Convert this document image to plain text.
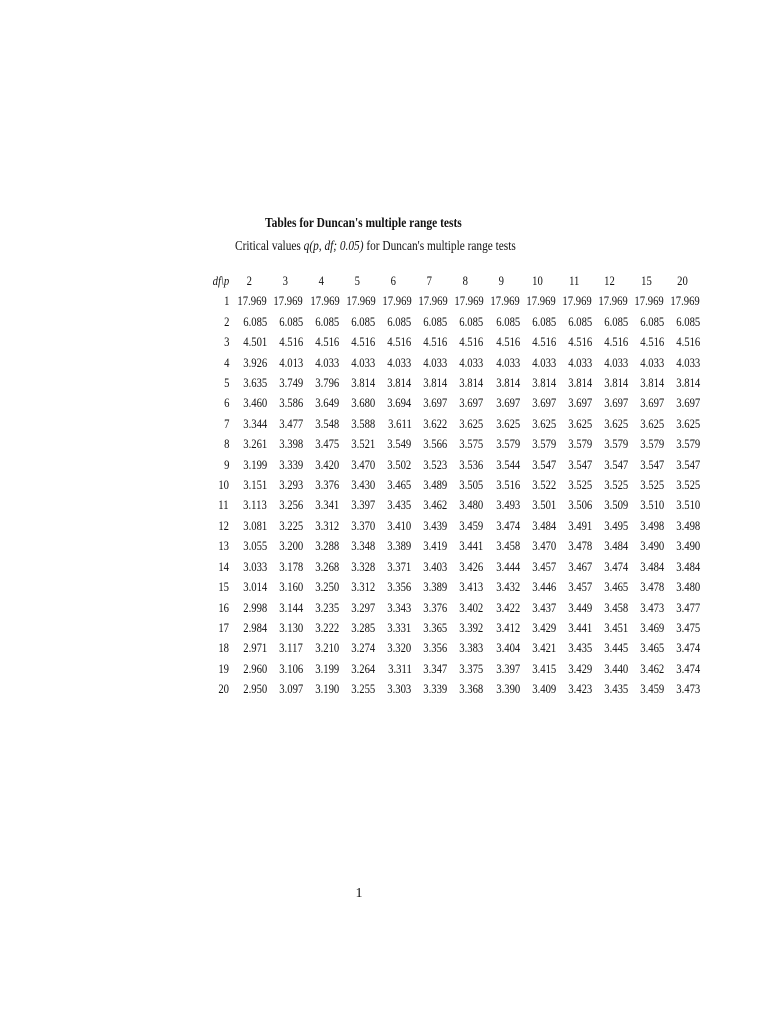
Tables for Duncan's multiple range tests
Critical values q(p, df; 0.05) for Duncan's multiple range tests
df\p	2	3	4	5	6	7	8	9	10	11	12	15	20
1	17.969	17.969	17.969	17.969	17.969	17.969	17.969	17.969	17.969	17.969	17.969	17.969	17.969
2	6.085	6.085	6.085	6.085	6.085	6.085	6.085	6.085	6.085	6.085	6.085	6.085	6.085
3	4.501	4.516	4.516	4.516	4.516	4.516	4.516	4.516	4.516	4.516	4.516	4.516	4.516
4	3.926	4.013	4.033	4.033	4.033	4.033	4.033	4.033	4.033	4.033	4.033	4.033	4.033
5	3.635	3.749	3.796	3.814	3.814	3.814	3.814	3.814	3.814	3.814	3.814	3.814	3.814
6	3.460	3.586	3.649	3.680	3.694	3.697	3.697	3.697	3.697	3.697	3.697	3.697	3.697
7	3.344	3.477	3.548	3.588	3.611	3.622	3.625	3.625	3.625	3.625	3.625	3.625	3.625
8	3.261	3.398	3.475	3.521	3.549	3.566	3.575	3.579	3.579	3.579	3.579	3.579	3.579
9	3.199	3.339	3.420	3.470	3.502	3.523	3.536	3.544	3.547	3.547	3.547	3.547	3.547
10	3.151	3.293	3.376	3.430	3.465	3.489	3.505	3.516	3.522	3.525	3.525	3.525	3.525
11	3.113	3.256	3.341	3.397	3.435	3.462	3.480	3.493	3.501	3.506	3.509	3.510	3.510
12	3.081	3.225	3.312	3.370	3.410	3.439	3.459	3.474	3.484	3.491	3.495	3.498	3.498
13	3.055	3.200	3.288	3.348	3.389	3.419	3.441	3.458	3.470	3.478	3.484	3.490	3.490
14	3.033	3.178	3.268	3.328	3.371	3.403	3.426	3.444	3.457	3.467	3.474	3.484	3.484
15	3.014	3.160	3.250	3.312	3.356	3.389	3.413	3.432	3.446	3.457	3.465	3.478	3.480
16	2.998	3.144	3.235	3.297	3.343	3.376	3.402	3.422	3.437	3.449	3.458	3.473	3.477
17	2.984	3.130	3.222	3.285	3.331	3.365	3.392	3.412	3.429	3.441	3.451	3.469	3.475
18	2.971	3.117	3.210	3.274	3.320	3.356	3.383	3.404	3.421	3.435	3.445	3.465	3.474
19	2.960	3.106	3.199	3.264	3.311	3.347	3.375	3.397	3.415	3.429	3.440	3.462	3.474
20	2.950	3.097	3.190	3.255	3.303	3.339	3.368	3.390	3.409	3.423	3.435	3.459	3.473
1
